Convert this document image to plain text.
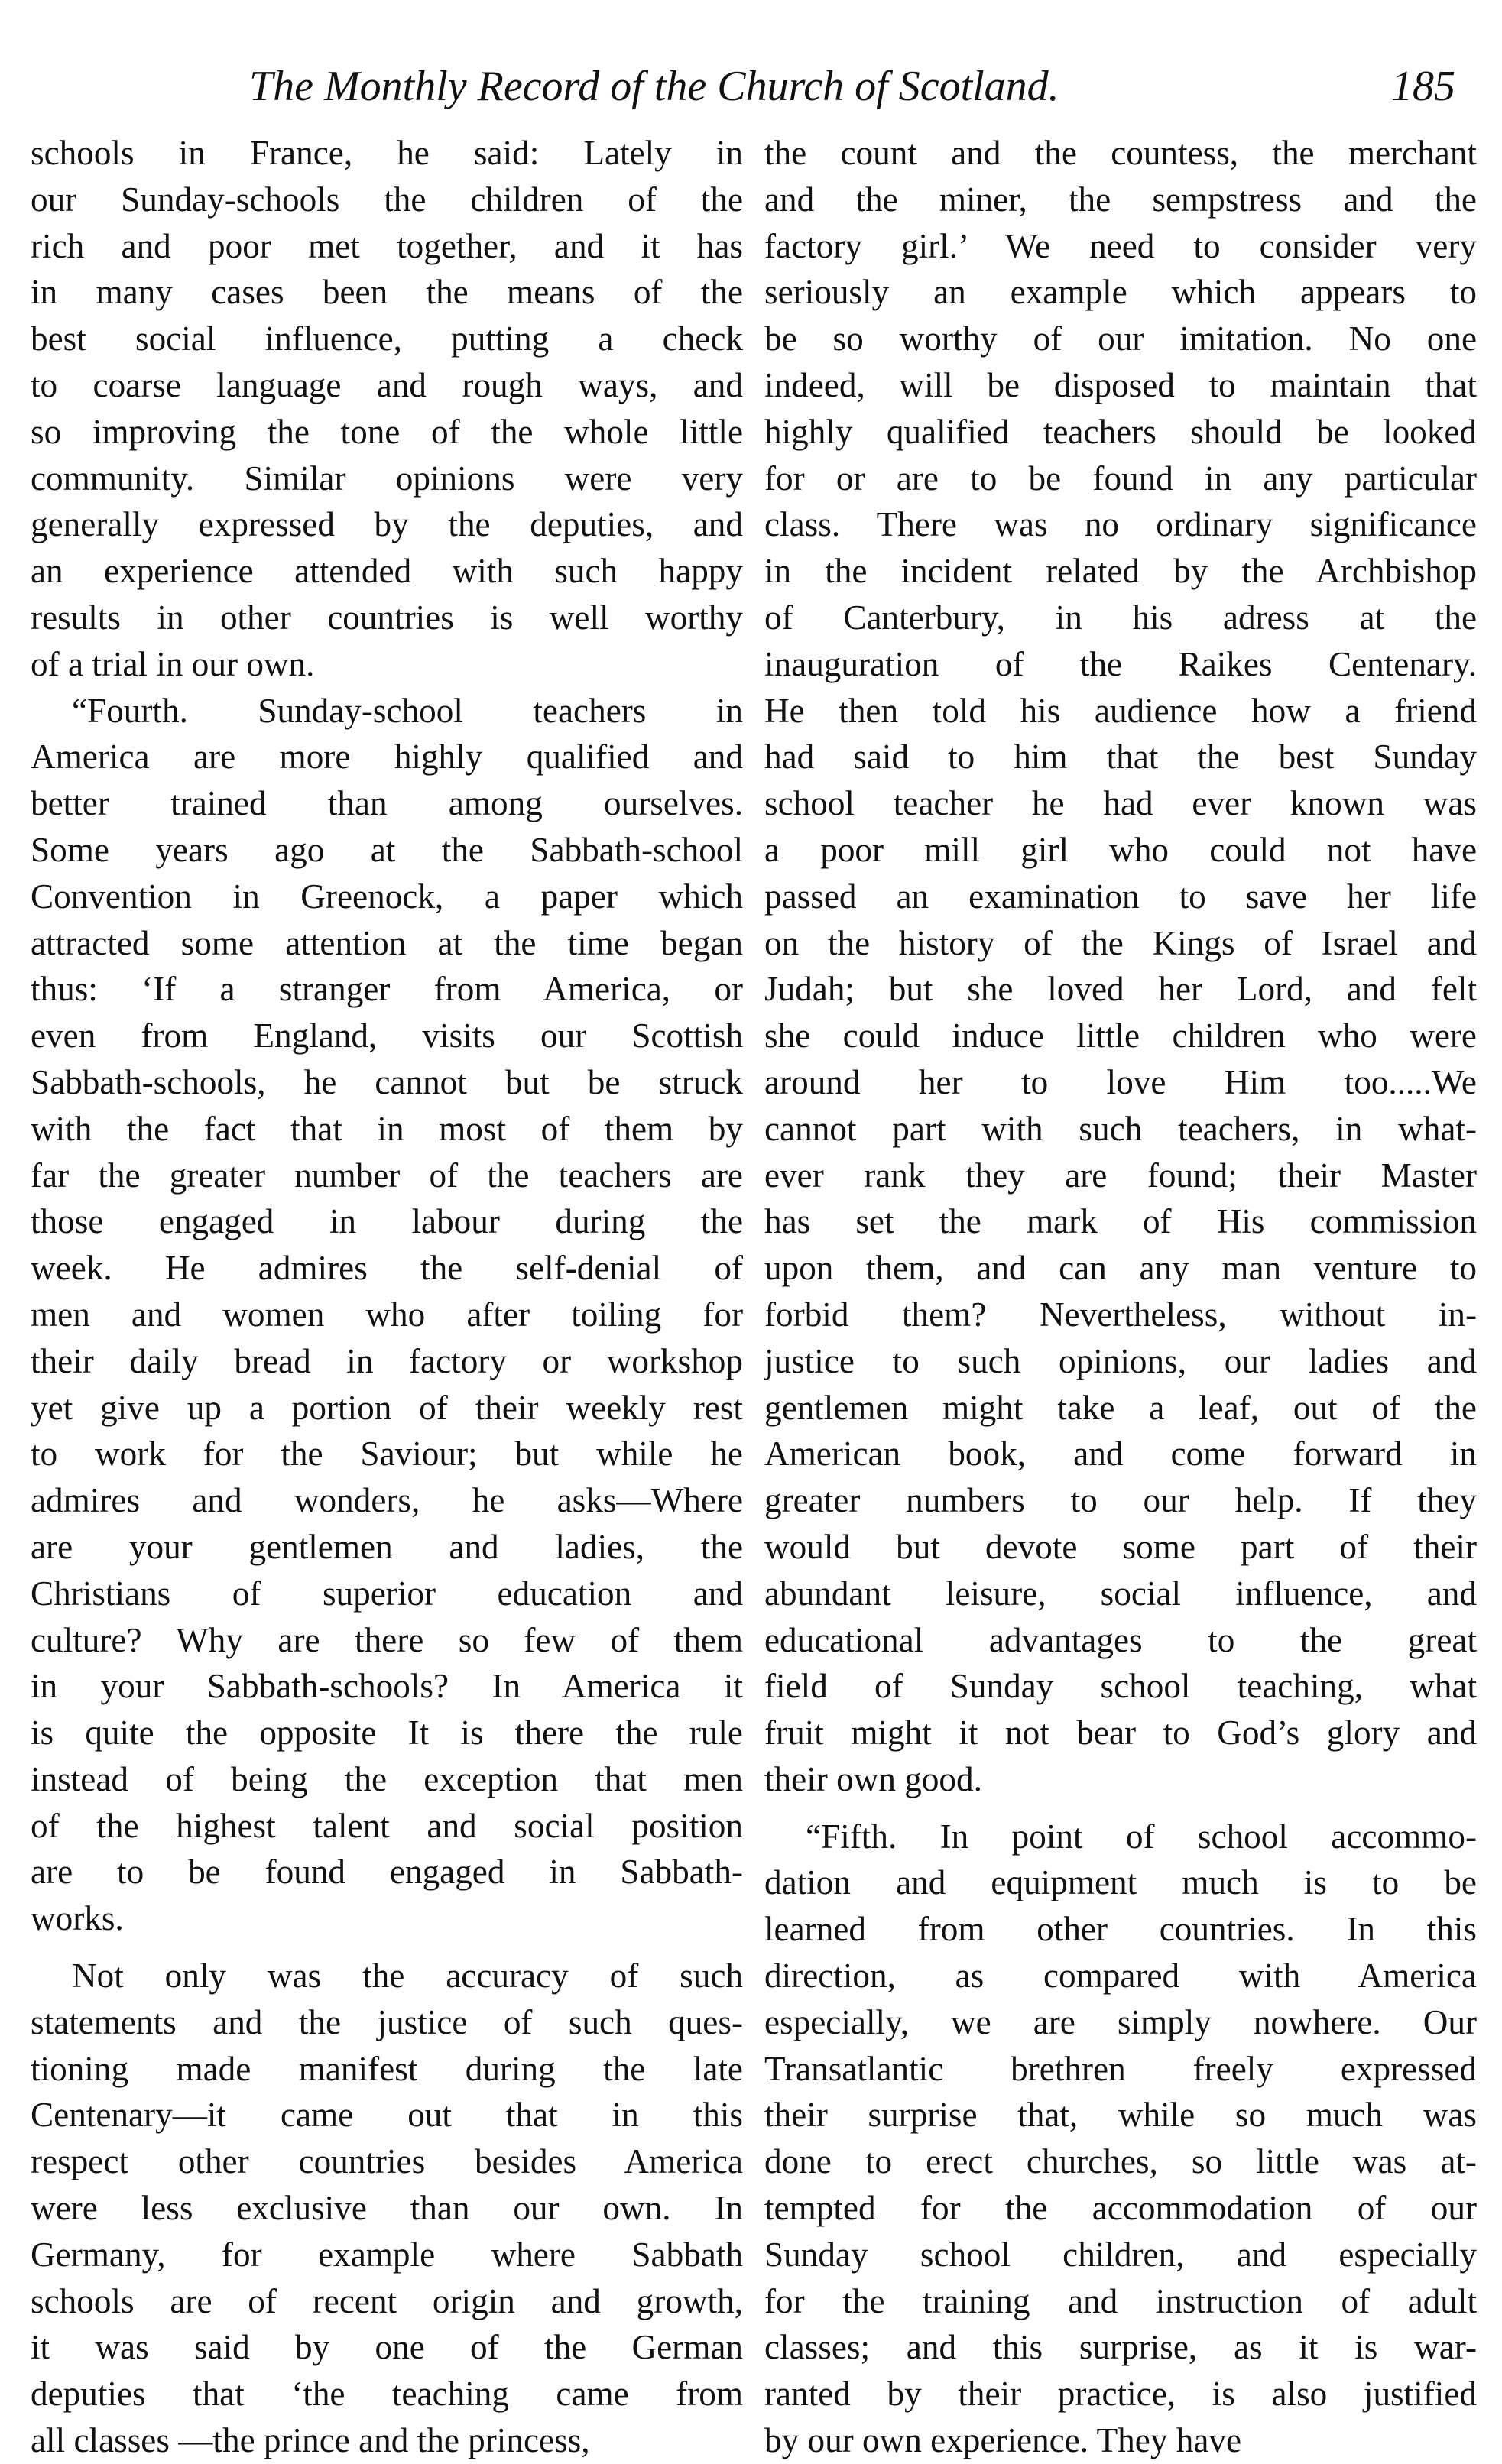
The Monthly Record of the Church of Scotland.	185
schools in France, he said: Lately in
our Sunday-schools the children of the
rich and poor met together, and it has
in many cases been the means of the
best social influence, putting a check
to coarse language and rough ways, and
so improving the tone of the whole little
community. Similar opinions were very
generally expressed by the deputies, and
an experience attended with such happy
results in other countries is well worthy
of a trial in our own.
“Fourth. Sunday-school teachers in
America are more highly qualified and
better trained than among ourselves.
Some years ago at the Sabbath-school
Convention in Greenock, a paper which
attracted some attention at the time began
thus: ‘If a stranger from America, or
even from England, visits our Scottish
Sabbath-schools, he cannot but be struck
with the fact that in most of them by
far the greater number of the teachers are
those engaged in labour during the
week. He admires the self-denial of
men and women who after toiling for
their daily bread in factory or workshop
yet give up a portion of their weekly rest
to work for the Saviour; but while he
admires and wonders, he asks—Where
are your gentlemen and ladies, the
Christians of superior education and
culture? Why are there so few of them
in your Sabbath-schools? In America it
is quite the opposite It is there the rule
instead of being the exception that men
of the highest talent and social position
are to be found engaged in Sabbath-
works.
Not only was the accuracy of such
statements and the justice of such ques-
tioning made manifest during the late
Centenary—it came out that in this
respect other countries besides America
were less exclusive than our own. In
Germany, for example where Sabbath
schools are of recent origin and growth,
it was said by one of the German
deputies that ‘the teaching came from
all classes —the prince and the princess,
the count and the countess, the merchant
and the miner, the sempstress and the
factory girl.’ We need to consider very
seriously an example which appears to
be so worthy of our imitation. No one
indeed, will be disposed to maintain that
highly qualified teachers should be looked
for or are to be found in any particular
class. There was no ordinary significance
in the incident related by the Archbishop
of Canterbury, in his adress at the
inauguration of the Raikes Centenary.
He then told his audience how a friend
had said to him that the best Sunday
school teacher he had ever known was
a poor mill girl who could not have
passed an examination to save her life
on the history of the Kings of Israel and
Judah; but she loved her Lord, and felt
she could induce little children who were
around her to love Him too.....We
cannot part with such teachers, in what-
ever rank they are found; their Master
has set the mark of His commission
upon them, and can any man venture to
forbid them? Nevertheless, without in-
justice to such opinions, our ladies and
gentlemen might take a leaf, out of the
American book, and come forward in
greater numbers to our help. If they
would but devote some part of their
abundant leisure, social influence, and
educational advantages to the great
field of Sunday school teaching, what
fruit might it not bear to God’s glory and
their own good.
“Fifth. In point of school accommo-
dation and equipment much is to be
learned from other countries. In this
direction, as compared with America
especially, we are simply nowhere. Our
Transatlantic brethren freely expressed
their surprise that, while so much was
done to erect churches, so little was at-
tempted for the accommodation of our
Sunday school children, and especially
for the training and instruction of adult
classes; and this surprise, as it is war-
ranted by their practice, is also justified
by our own experience. They have
